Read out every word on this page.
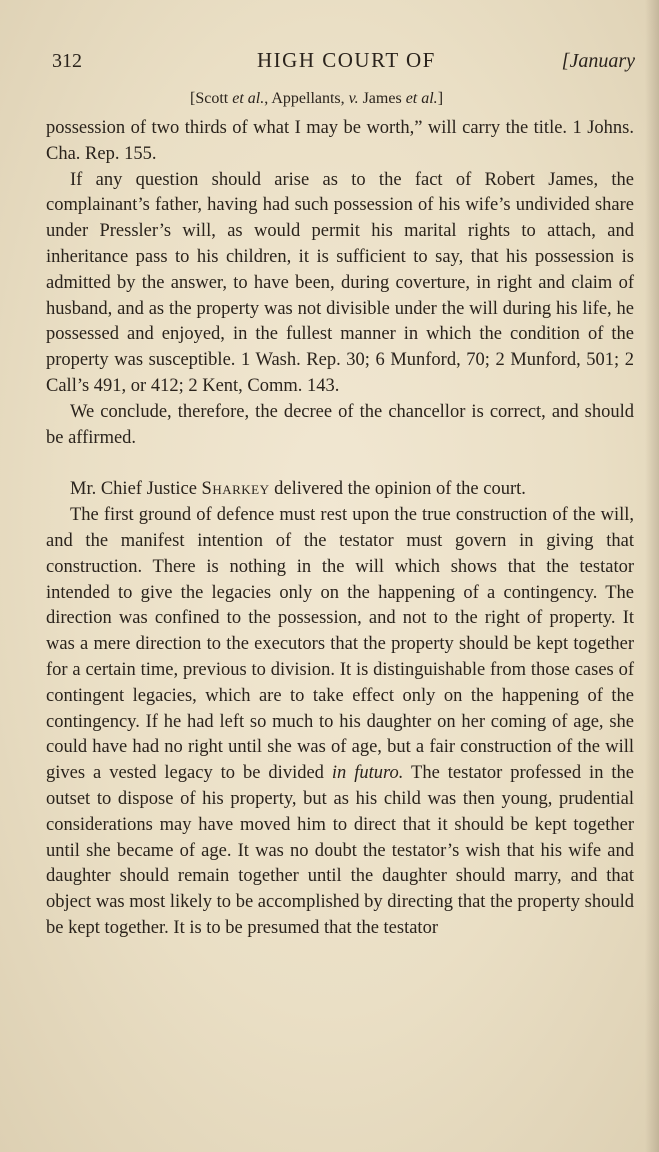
312	HIGH COURT OF	[January
[Scott et al., Appellants, v. James et al.]

possession of two thirds of what I may be worth,” will carry the title. 1 Johns. Cha. Rep. 155.

If any question should arise as to the fact of Robert James, the complainant’s father, having had such possession of his wife’s undivided share under Pressler’s will, as would permit his marital rights to attach, and inheritance pass to his children, it is sufficient to say, that his possession is admitted by the answer, to have been, during coverture, in right and claim of husband, and as the property was not divisible under the will during his life, he possessed and enjoyed, in the fullest manner in which the condition of the property was susceptible. 1 Wash. Rep. 30; 6 Munford, 70; 2 Munford, 501; 2 Call’s 491, or 412; 2 Kent, Comm. 143.

We conclude, therefore, the decree of the chancellor is correct, and should be affirmed.

Mr. Chief Justice Sharkey delivered the opinion of the court.

The first ground of defence must rest upon the true construction of the will, and the manifest intention of the testator must govern in giving that construction. There is nothing in the will which shows that the testator intended to give the legacies only on the happening of a contingency. The direction was confined to the possession, and not to the right of property. It was a mere direction to the executors that the property should be kept together for a certain time, previous to division. It is distinguishable from those cases of contingent legacies, which are to take effect only on the happening of the contingency. If he had left so much to his daughter on her coming of age, she could have had no right until she was of age, but a fair construction of the will gives a vested legacy to be divided in futuro. The testator professed in the outset to dispose of his property, but as his child was then young, prudential considerations may have moved him to direct that it should be kept together until she became of age. It was no doubt the testator’s wish that his wife and daughter should remain together until the daughter should marry, and that object was most likely to be accomplished by directing that the property should be kept together. It is to be presumed that the testator
